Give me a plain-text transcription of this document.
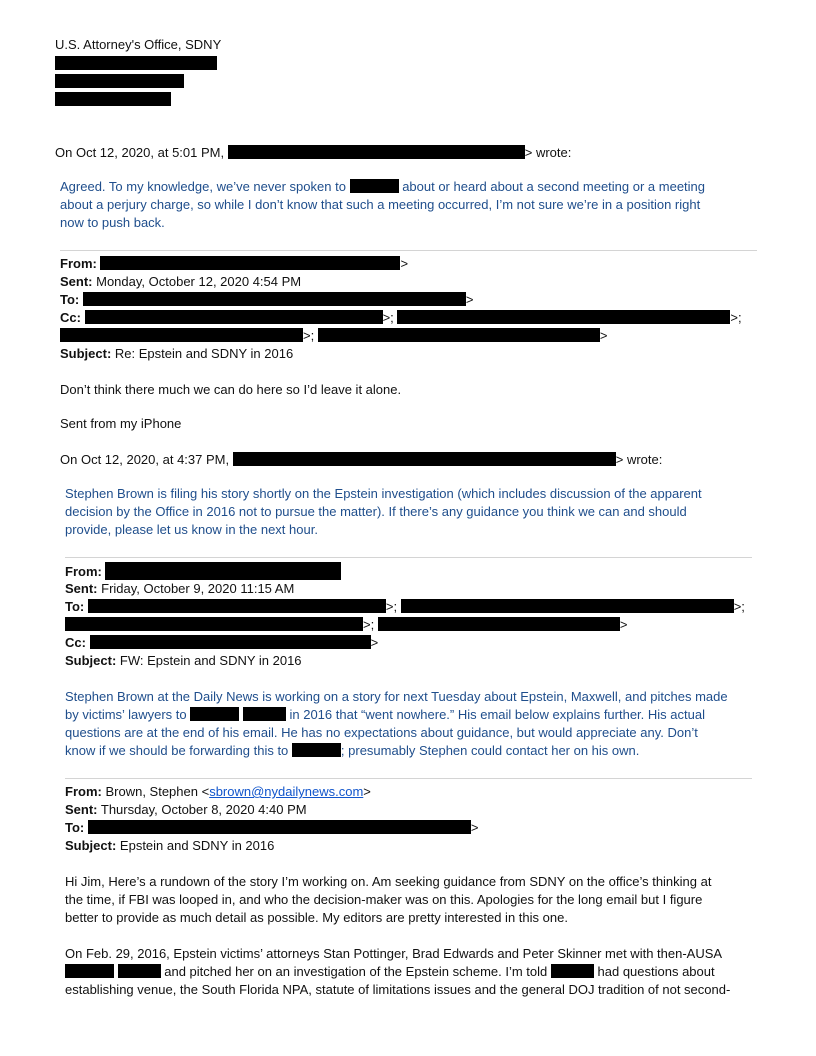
U.S. Attorney's Office, SDNY
On Oct 12, 2020, at 5:01 PM,	> wrote:
Agreed. To my knowledge, we’ve never spoken to	about or heard about a second meeting or a meeting
about a perjury charge, so while I don’t know that such a meeting occurred, I’m not sure we’re in a position right
now to push back.
From:	>
Sent: Monday, October 12, 2020 4:54 PM
To:	>
Cc:	>;	>;
>;	>
Subject: Re: Epstein and SDNY in 2016
Don’t think there much we can do here so I’d leave it alone.
Sent from my iPhone
On Oct 12, 2020, at 4:37 PM,	> wrote:
Stephen Brown is filing his story shortly on the Epstein investigation (which includes discussion of the apparent
decision by the Office in 2016 not to pursue the matter). If there’s any guidance you think we can and should
provide, please let us know in the next hour.
From:
Sent: Friday, October 9, 2020 11:15 AM
To:	>;	>;
>;	>
Cc:	>
Subject: FW: Epstein and SDNY in 2016
Stephen Brown at the Daily News is working on a story for next Tuesday about Epstein, Maxwell, and pitches made
by victims’ lawyers to	in 2016 that “went nowhere.” His email below explains further. His actual
questions are at the end of his email. He has no expectations about guidance, but would appreciate any. Don’t
know if we should be forwarding this to	; presumably Stephen could contact her on his own.
From: Brown, Stephen <sbrown@nydailynews.com>
Sent: Thursday, October 8, 2020 4:40 PM
To:	>
Subject: Epstein and SDNY in 2016
Hi Jim, Here’s a rundown of the story I’m working on. Am seeking guidance from SDNY on the office’s thinking at
the time, if FBI was looped in, and who the decision-maker was on this. Apologies for the long email but I figure
better to provide as much detail as possible. My editors are pretty interested in this one.
On Feb. 29, 2016, Epstein victims’ attorneys Stan Pottinger, Brad Edwards and Peter Skinner met with then-AUSA
and pitched her on an investigation of the Epstein scheme. I’m told	had questions about
establishing venue, the South Florida NPA, statute of limitations issues and the general DOJ tradition of not second-
